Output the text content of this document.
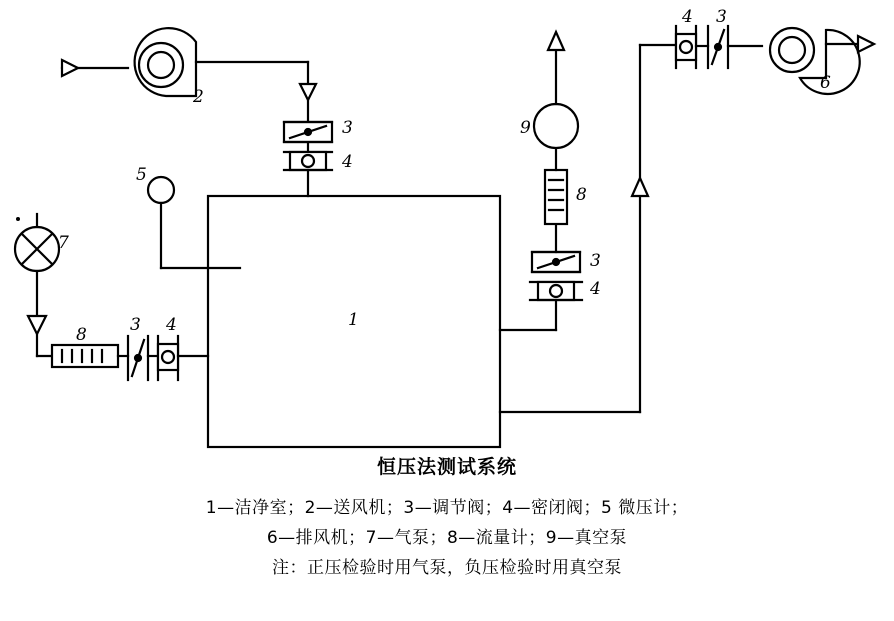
2
3
4
5
1
7
8	3 4
3
4
8
9
4 3
6
恒压法测试系统
1—洁净室；2—送风机；3—调节阀；4—密闭阀；5 微压计；
6—排风机；7—气泵；8—流量计；9—真空泵
注：正压检验时用气泵，负压检验时用真空泵
